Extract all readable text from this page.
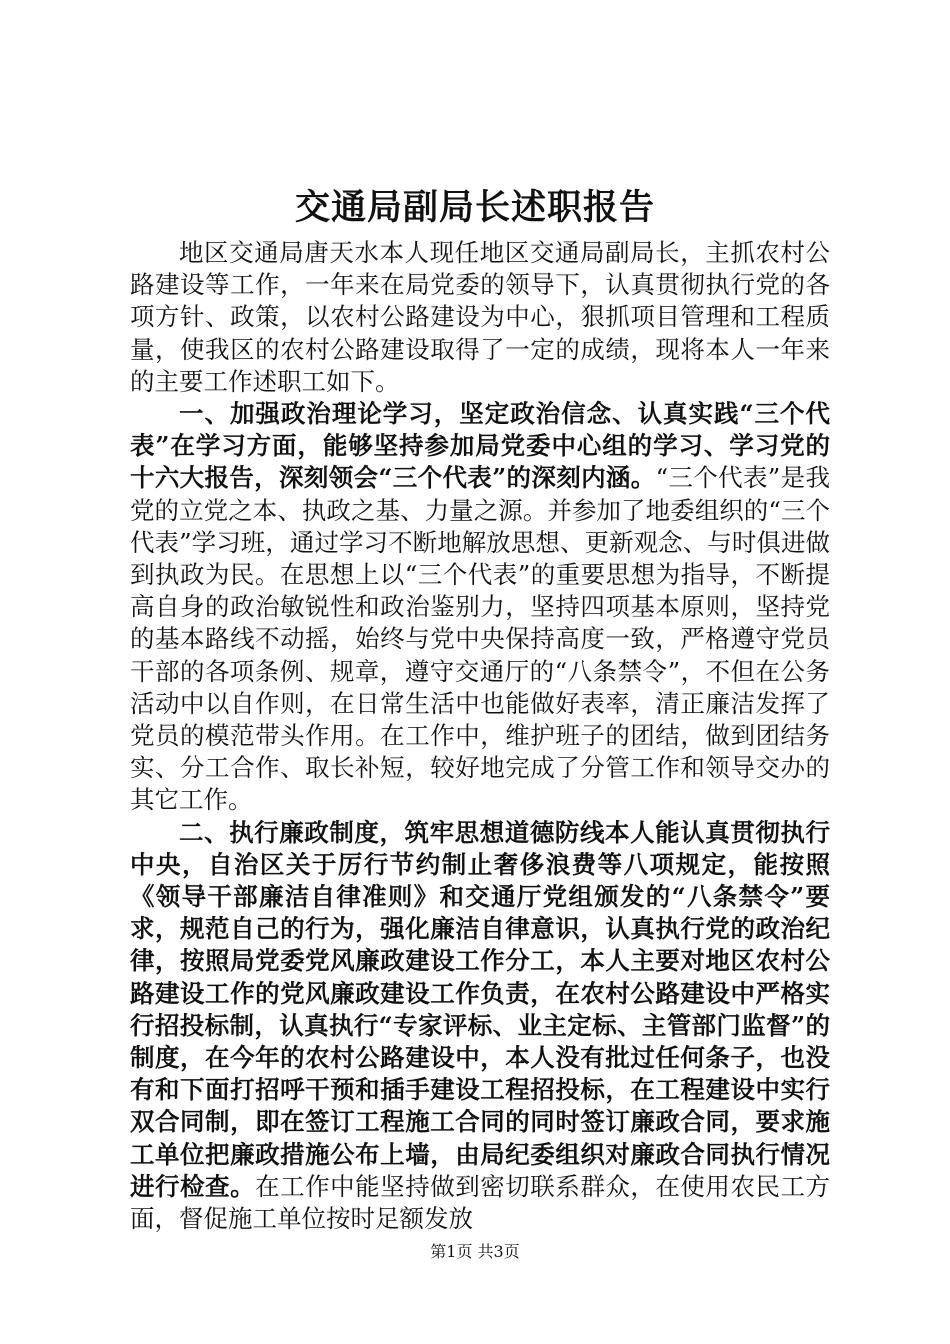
交通局副局长述职报告

地区交通局唐天水本人现任地区交通局副局长，主抓农村公路建设等工作，一年来在局党委的领导下，认真贯彻执行党的各项方针、政策，以农村公路建设为中心，狠抓项目管理和工程质量，使我区的农村公路建设取得了一定的成绩，现将本人一年来的主要工作述职工如下。

一、加强政治理论学习，坚定政治信念、认真实践“三个代表”在学习方面，能够坚持参加局党委中心组的学习、学习党的十六大报告，深刻领会“三个代表”的深刻内涵。“三个代表”是我党的立党之本、执政之基、力量之源。并参加了地委组织的“三个代表”学习班，通过学习不断地解放思想、更新观念、与时俱进做到执政为民。在思想上以“三个代表”的重要思想为指导，不断提高自身的政治敏锐性和政治鉴别力，坚持四项基本原则，坚持党的基本路线不动摇，始终与党中央保持高度一致，严格遵守党员干部的各项条例、规章，遵守交通厅的“八条禁令”，不但在公务活动中以自作则，在日常生活中也能做好表率，清正廉洁发挥了党员的模范带头作用。在工作中，维护班子的团结，做到团结务实、分工合作、取长补短，较好地完成了分管工作和领导交办的其它工作。

二、执行廉政制度，筑牢思想道德防线本人能认真贯彻执行中央，自治区关于厉行节约制止奢侈浪费等八项规定，能按照《领导干部廉洁自律准则》和交通厅党组颁发的“八条禁令”要求，规范自己的行为，强化廉洁自律意识，认真执行党的政治纪律，按照局党委党风廉政建设工作分工，本人主要对地区农村公路建设工作的党风廉政建设工作负责，在农村公路建设中严格实行招投标制，认真执行“专家评标、业主定标、主管部门监督”的制度，在今年的农村公路建设中，本人没有批过任何条子，也没有和下面打招呼干预和插手建设工程招投标，在工程建设中实行双合同制，即在签订工程施工合同的同时签订廉政合同，要求施工单位把廉政措施公布上墙，由局纪委组织对廉政合同执行情况进行检查。在工作中能坚持做到密切联系群众，在使用农民工方面，督促施工单位按时足额发放

第1页 共3页
